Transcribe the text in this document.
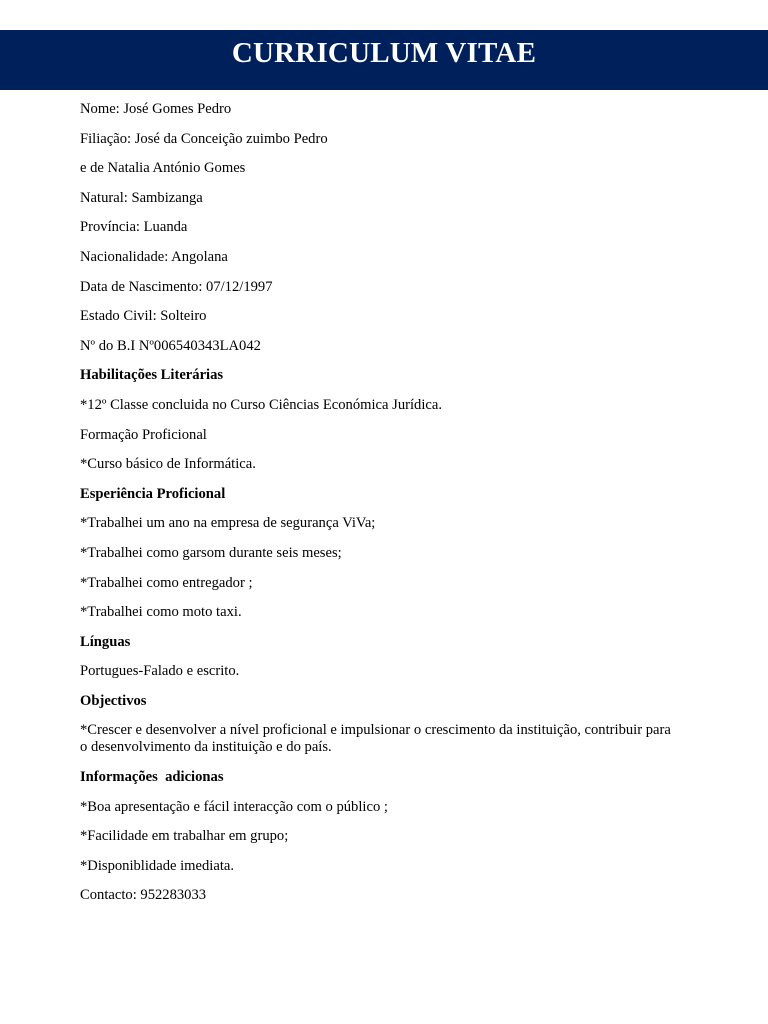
CURRICULUM VITAE

Nome: José Gomes Pedro

Filiação: José da Conceição zuimbo Pedro

e de Natalia António Gomes

Natural: Sambizanga

Província: Luanda

Nacionalidade: Angolana

Data de Nascimento: 07/12/1997

Estado Civil: Solteiro

Nº do B.I Nº006540343LA042

Habilitações Literárias

*12º Classe concluida no Curso Ciências Económica Jurídica.

Formação Proficional

*Curso básico de Informática.

Esperiência Proficional

*Trabalhei um ano na empresa de segurança ViVa;

*Trabalhei como garsom durante seis meses;

*Trabalhei como entregador ;

*Trabalhei como moto taxi.

Línguas

Portugues-Falado e escrito.

Objectivos

*Crescer e desenvolver a nível proficional e impulsionar o crescimento da instituição, contribuir para o desenvolvimento da instituição e do país.

Informações  adicionas

*Boa apresentação e fácil interacção com o público ;

*Facilidade em trabalhar em grupo;

*Disponiblidade imediata.

Contacto: 952283033
